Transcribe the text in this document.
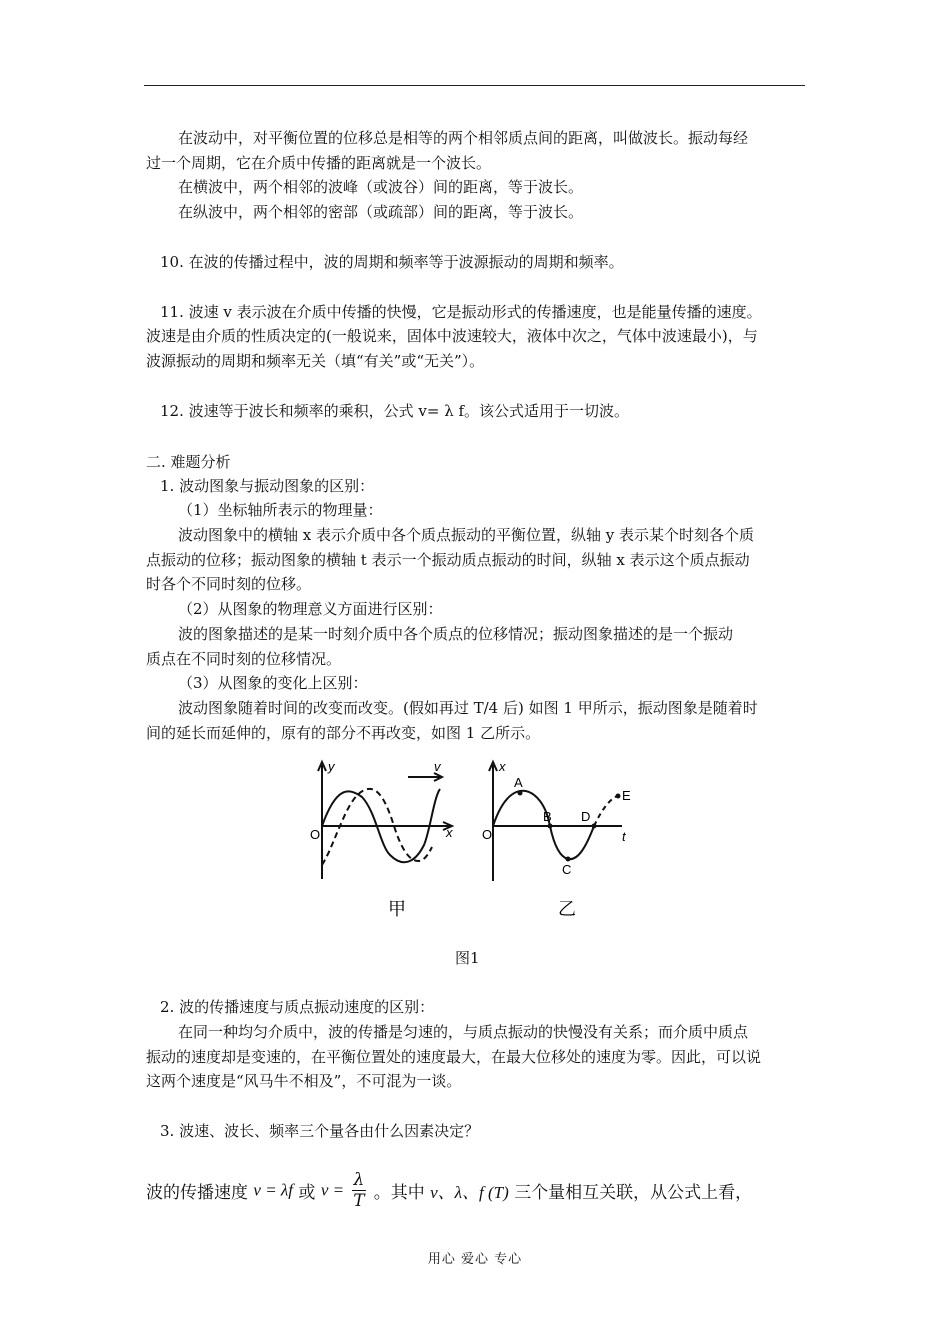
在波动中，对平衡位置的位移总是相等的两个相邻质点间的距离，叫做波长。振动每经
过一个周期，它在介质中传播的距离就是一个波长。
在横波中，两个相邻的波峰（或波谷）间的距离，等于波长。
在纵波中，两个相邻的密部（或疏部）间的距离，等于波长。
10. 在波的传播过程中，波的周期和频率等于波源振动的周期和频率。
11. 波速 v 表示波在介质中传播的快慢，它是振动形式的传播速度，也是能量传播的速度。
波速是由介质的性质决定的(一般说来，固体中波速较大，液体中次之，气体中波速最小)，与
波源振动的周期和频率无关（填“有关”或“无关”）。
12. 波速等于波长和频率的乘积，公式 v= λ f。该公式适用于一切波。
二. 难题分析
1. 波动图象与振动图象的区别：
（1）坐标轴所表示的物理量：
波动图象中的横轴 x 表示介质中各个质点振动的平衡位置，纵轴 y 表示某个时刻各个质
点振动的位移；振动图象的横轴 t 表示一个振动质点振动的时间，纵轴 x 表示这个质点振动
时各个不同时刻的位移。
（2）从图象的物理意义方面进行区别：
波的图象描述的是某一时刻介质中各个质点的位移情况；振动图象描述的是一个振动
质点在不同时刻的位移情况。
（3）从图象的变化上区别：
波动图象随着时间的改变而改变。(假如再过 T/4 后) 如图 1 甲所示，振动图象是随着时
间的延长而延伸的，原有的部分不再改变，如图 1 乙所示。
y
x
O
v
甲
x
t
O
A
B
C
D
E
乙
图1
2. 波的传播速度与质点振动速度的区别：
在同一种均匀介质中，波的传播是匀速的，与质点振动的快慢没有关系；而介质中质点
振动的速度却是变速的，在平衡位置处的速度最大，在最大位移处的速度为零。因此，可以说
这两个速度是“风马牛不相及”，不可混为一谈。
3. 波速、波长、频率三个量各由什么因素决定？
波的传播速度 v = λf 或 $v = \frac{\lambda}{T}$ 。其中 v、λ、f (T) 三个量相互关联，从公式上看，
用心 爱心 专心
